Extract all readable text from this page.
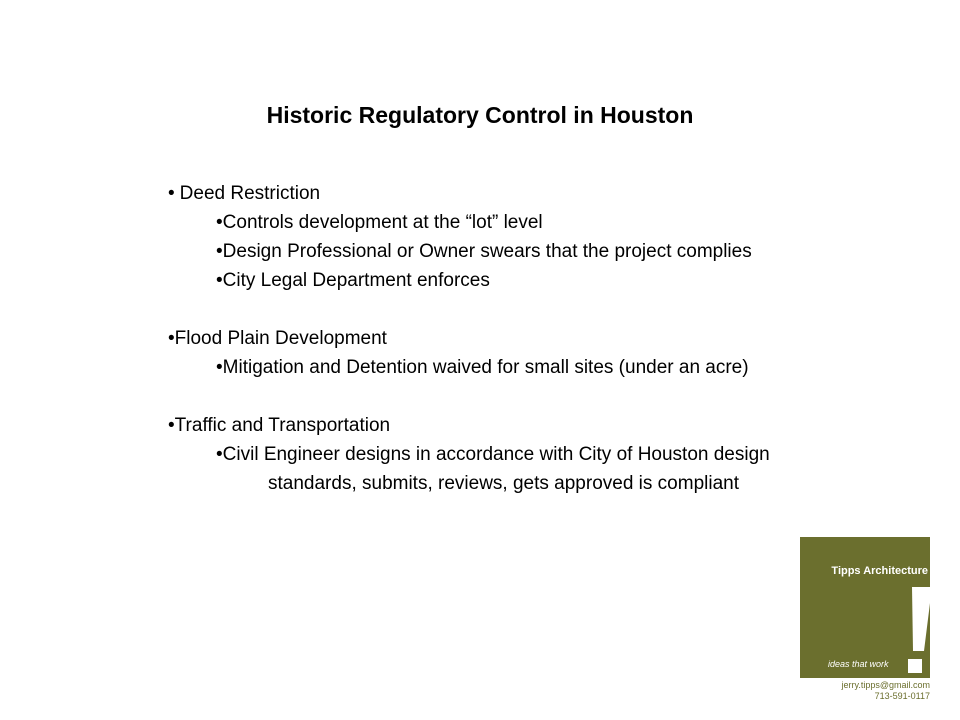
Historic Regulatory Control in Houston
• Deed Restriction
•Controls development at the “lot” level
•Design Professional or Owner swears that the project complies
•City Legal Department enforces
•Flood Plain Development
•Mitigation and Detention waived for small sites (under an acre)
•Traffic and Transportation
•Civil Engineer designs in accordance with City of Houston design standards, submits, reviews, gets approved is compliant
Tipps Architecture
ideas that work
jerry.tipps@gmail.com
713-591-0117
